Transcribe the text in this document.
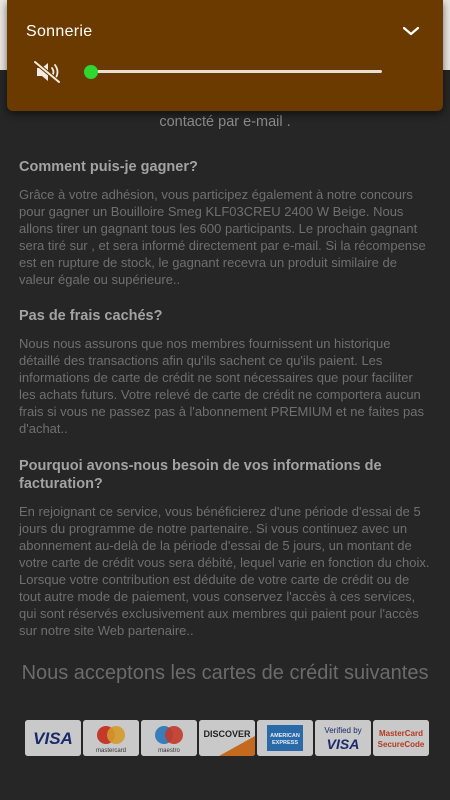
contacté par e-mail .
Comment puis-je gagner?

Grâce à votre adhésion, vous participez également à notre concours pour gagner un Bouilloire Smeg KLF03CREU 2400 W Beige. Nous allons tirer un gagnant tous les 600 participants. Le prochain gagnant sera tiré sur , et sera informé directement par e-mail. Si la récompense est en rupture de stock, le gagnant recevra un produit similaire de valeur égale ou supérieure..

Pas de frais cachés?

Nous nous assurons que nos membres fournissent un historique détaillé des transactions afin qu'ils sachent ce qu'ils paient. Les informations de carte de crédit ne sont nécessaires que pour faciliter les achats futurs. Votre relevé de carte de crédit ne comportera aucun frais si vous ne passez pas à l'abonnement PREMIUM et ne faites pas d'achat..

Pourquoi avons-nous besoin de vos informations de facturation?

En rejoignant ce service, vous bénéficierez d'une période d'essai de 5 jours du programme de notre partenaire. Si vous continuez avec un abonnement au-delà de la période d'essai de 5 jours, un montant de votre carte de crédit vous sera débité, lequel varie en fonction du choix. Lorsque votre contribution est déduite de votre carte de crédit ou de tout autre mode de paiement, vous conservez l'accès à ces services, qui sont réservés exclusivement aux membres qui paient pour l'accès sur notre site Web partenaire..

Nous acceptons les cartes de crédit suivantes
VISA
mastercard	maestro
DISCOVER	AMERICAN
EXPRESS
Verified by
VISA
MasterCard
SecureCode
Sonnerie
